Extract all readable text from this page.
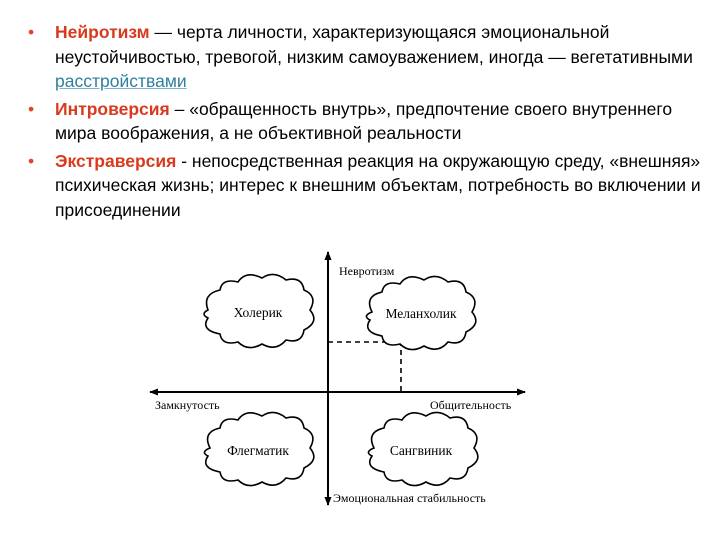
• Нейротизм — черта личности, характеризующаяся эмоциональной неустойчивостью, тревогой, низким самоуважением, иногда — вегетативными расстройствами
• Интроверсия – «обращенность внутрь», предпочтение своего внутреннего мира воображения, а не объективной реальности
• Экстраверсия - непосредственная реакция на окружающую среду, «внешняя» психическая жизнь; интерес к внешним объектам, потребность во включении и присоединении
Невротизм
Эмоциональная стабильность
Замкнутость	Общительность
Холерик	Меланхолик
Флегматик	Сангвиник
